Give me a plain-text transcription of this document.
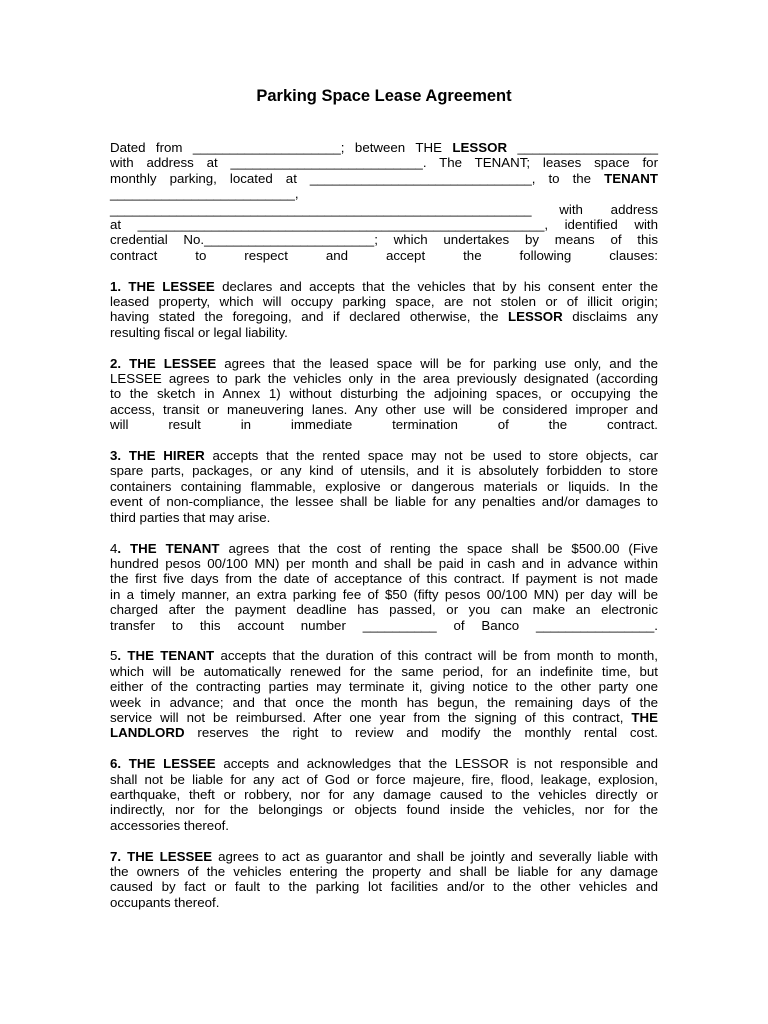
Parking Space Lease Agreement
Dated from ____________________; between THE LESSOR ___________________
with address at __________________________. The TENANT; leases space for
monthly parking, located at ______________________________, to the TENANT
_________________________,
_________________________________________________________ with address
at _______________________________________________________, identified with
credential No._______________________; which undertakes by means of this
contract to respect and accept the following clauses:
1. THE LESSEE declares and accepts that the vehicles that by his consent enter the
leased property, which will occupy parking space, are not stolen or of illicit origin;
having stated the foregoing, and if declared otherwise, the LESSOR disclaims any
resulting fiscal or legal liability.
2. THE LESSEE agrees that the leased space will be for parking use only, and the
LESSEE agrees to park the vehicles only in the area previously designated (according
to the sketch in Annex 1) without disturbing the adjoining spaces, or occupying the
access, transit or maneuvering lanes. Any other use will be considered improper and
will result in immediate termination of the contract.
3. THE HIRER accepts that the rented space may not be used to store objects, car
spare parts, packages, or any kind of utensils, and it is absolutely forbidden to store
containers containing flammable, explosive or dangerous materials or liquids. In the
event of non-compliance, the lessee shall be liable for any penalties and/or damages to
third parties that may arise.
4. THE TENANT agrees that the cost of renting the space shall be $500.00 (Five
hundred pesos 00/100 MN) per month and shall be paid in cash and in advance within
the first five days from the date of acceptance of this contract. If payment is not made
in a timely manner, an extra parking fee of $50 (fifty pesos 00/100 MN) per day will be
charged after the payment deadline has passed, or you can make an electronic
transfer to this account number __________ of Banco ________________.
5. THE TENANT accepts that the duration of this contract will be from month to month,
which will be automatically renewed for the same period, for an indefinite time, but
either of the contracting parties may terminate it, giving notice to the other party one
week in advance; and that once the month has begun, the remaining days of the
service will not be reimbursed. After one year from the signing of this contract, THE
LANDLORD reserves the right to review and modify the monthly rental cost.
6. THE LESSEE accepts and acknowledges that the LESSOR is not responsible and
shall not be liable for any act of God or force majeure, fire, flood, leakage, explosion,
earthquake, theft or robbery, nor for any damage caused to the vehicles directly or
indirectly, nor for the belongings or objects found inside the vehicles, nor for the
accessories thereof.
7. THE LESSEE agrees to act as guarantor and shall be jointly and severally liable with
the owners of the vehicles entering the property and shall be liable for any damage
caused by fact or fault to the parking lot facilities and/or to the other vehicles and
occupants thereof.
